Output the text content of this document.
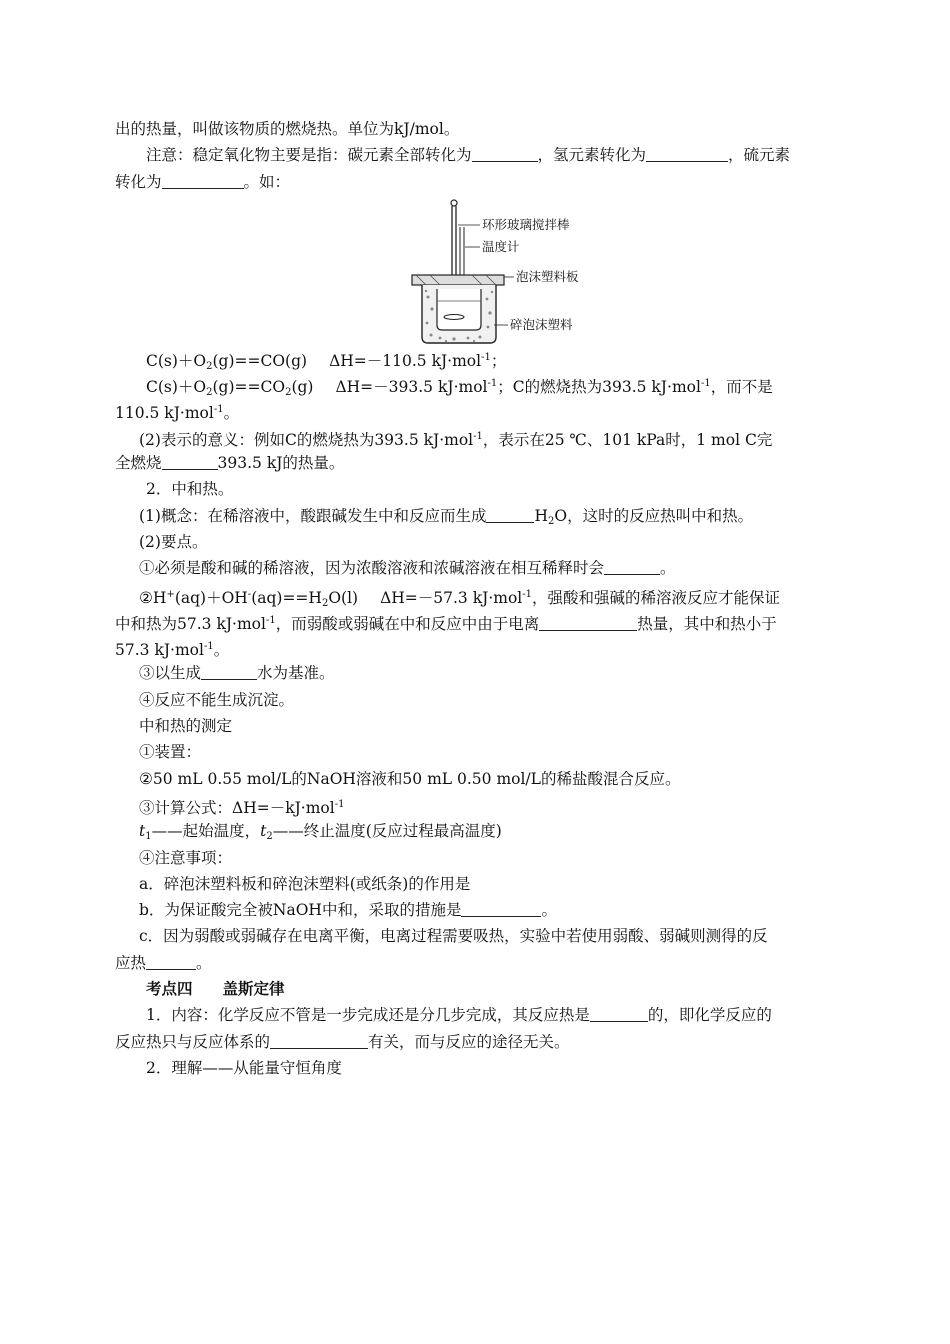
出的热量，叫做该物质的燃烧热。单位为kJ/mol。
注意：稳定氧化物主要是指：碳元素全部转化为	，氢元素转化为	，硫元素
转化为	。如：
环形玻璃搅拌棒
温度计
泡沫塑料板
碎泡沫塑料
$C(s)+O_2(g)==CO(g)$ ΔH=－110.5 kJ·mol$^{-1}$；
$C(s)+O_2(g)==CO_2(g)$ ΔH=－393.5 kJ·mol$^{-1}$；C的燃烧热为393.5 kJ·mol$^{-1}$，而不是
110.5 kJ·mol$^{-1}$。
(2)表示的意义：例如C的燃烧热为393.5 kJ·mol$^{-1}$，表示在25 ℃、101 kPa时，1 mol C完
全燃烧	393.5 kJ的热量。
2．中和热。
(1)概念：在稀溶液中，酸跟碱发生中和反应而生成	$H_2O$，这时的反应热叫中和热。
(2)要点。
①必须是酸和碱的稀溶液，因为浓酸溶液和浓碱溶液在相互稀释时会	。
$②H^+(aq)+OH^-(aq)==H_2O(l)$ ΔH=－57.3 kJ·mol$^{-1}$，强酸和强碱的稀溶液反应才能保证
中和热为57.3 kJ·mol$^{-1}$，而弱酸或弱碱在中和反应中由于电离	热量，其中和热小于
57.3 kJ·mol$^{-1}$。
③以生成	水为基准。
④反应不能生成沉淀。
中和热的测定
①装置：
②50 mL 0.55 mol/L的NaOH溶液和50 mL 0.50 mol/L的稀盐酸混合反应。
③计算公式：ΔH=－kJ·mol$^{-1}$
$t_1——$起始温度，$t_2——$终止温度(反应过程最高温度)
④注意事项：
a．碎泡沫塑料板和碎泡沫塑料(或纸条)的作用是
b．为保证酸完全被NaOH中和，采取的措施是	。
c．因为弱酸或弱碱存在电离平衡，电离过程需要吸热，实验中若使用弱酸、弱碱则测得的反
应热	。
考点四 盖斯定律
1．内容：化学反应不管是一步完成还是分几步完成，其反应热是	的，即化学反应的
反应热只与反应体系的	有关，而与反应的途径无关。
2．理解——从能量守恒角度
